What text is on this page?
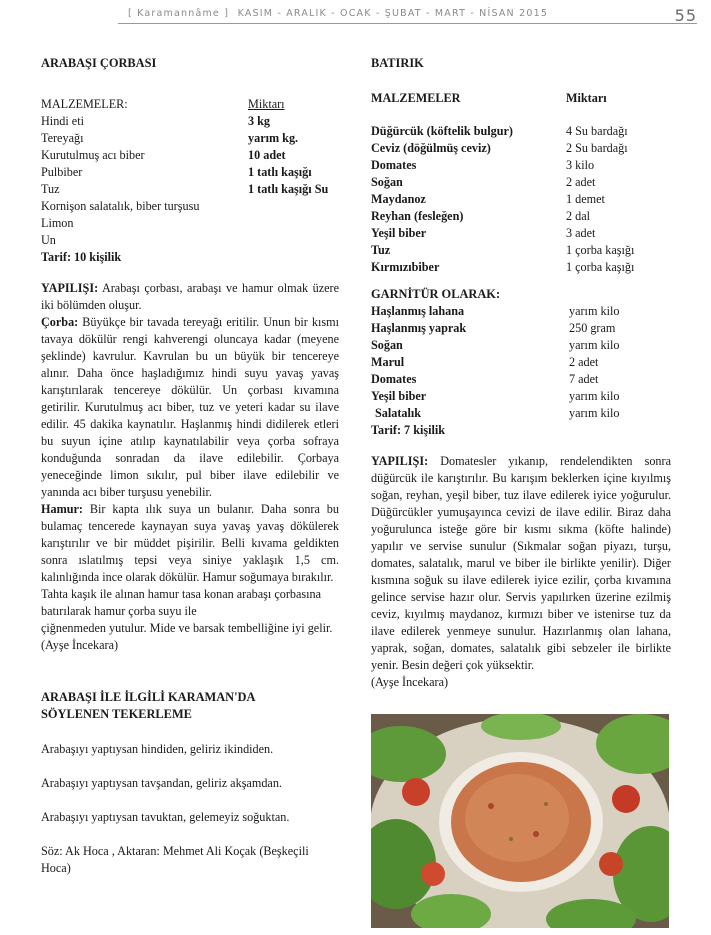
[ Karamannâme ] KASIM - ARALIK - OCAK - ŞUBAT - MART - NİSAN 2015	55
ARABAŞI ÇORBASI
MALZEMELER:	Miktarı
Hindi eti	3 kg
Tereyağı	yarım kg.
Kurutulmuş acı biber	10 adet
Pulbiber	1 tatlı kaşığı
Tuz	1 tatlı kaşığı Su
Kornişon salatalık, biber turşusu
Limon
Un
Tarif: 10 kişilik

YAPILIŞI: Arabaşı çorbası, arabaşı ve hamur olmak üzere iki bölümden oluşur.

Çorba: Büyükçe bir tavada tereyağı eritilir. Unun bir kısmı tavaya dökülür rengi kahverengi oluncaya kadar (meyene şeklinde) kavrulur. Kavrulan bu un büyük bir tencereye alınır. Daha önce haşladığımız hindi suyu yavaş yavaş karıştırılarak tencereye dökülür. Un çorbası kıvamına getirilir. Kurutulmuş acı biber, tuz ve yeteri kadar su ilave edilir. 45 dakika kaynatılır. Haşlanmış hindi didilerek etleri bu suyun içine atılıp kaynatılabilir veya çorba sofraya konduğunda sonradan da ilave edilebilir. Çorbaya yeneceğinde limon sıkılır, pul biber ilave edilebilir ve yanında acı biber turşusu yenebilir.

Hamur: Bir kapta ılık suya un bulanır. Daha sonra bu bulamaç tencerede kaynayan suya yavaş yavaş dökülerek karıştırılır ve bir müddet pişirilir. Belli kıvama geldikten sonra ıslatılmış tepsi veya siniye yaklaşık 1,5 cm. kalınlığında ince olarak dökülür. Hamur soğumaya bırakılır.

Tahta kaşık ile alınan hamur tasa konan arabaşı çorbasına batırılarak hamur çorba suyu ile

çiğnenmeden yutulur. Mide ve barsak tembelliğine iyi gelir.

(Ayşe İncekara)

ARABAŞI İLE İLGİLİ KARAMAN'DA
SÖYLENEN TEKERLEME
Arabaşıyı yaptıysan hindiden, geliriz ikindiden.
Arabaşıyı yaptıysan tavşandan, geliriz akşamdan.
Arabaşıyı yaptıysan tavuktan, gelemeyiz soğuktan.
Söz: Ak Hoca , Aktaran: Mehmet Ali Koçak (Beşkeçili Hoca)
BATIRIK
MALZEMELER	Miktarı
Düğürcük (köftelik bulgur)	4 Su bardağı
Ceviz (döğülmüş ceviz)	2 Su bardağı
Domates	3 kilo
Soğan	2 adet
Maydanoz	1 demet
Reyhan (fesleğen)	2 dal
Yeşil biber	3 adet
Tuz	1 çorba kaşığı
Kırmızıbiber	1 çorba kaşığı
GARNİTÜR OLARAK:
Haşlanmış lahana	yarım kilo
Haşlanmış yaprak	250 gram
Soğan	yarım kilo
Marul	2 adet
Domates	7 adet
Yeşil biber	yarım kilo
Salatalık	yarım kilo
Tarif: 7 kişilik

YAPILIŞI: Domatesler yıkanıp, rendelendikten sonra düğürcük ile karıştırılır. Bu karışım beklerken içine kıyılmış soğan, reyhan, yeşil biber, tuz ilave edilerek iyice yoğurulur. Düğürcükler yumuşayınca cevizi de ilave edilir. Biraz daha yoğurulunca isteğe göre bir kısmı sıkma (köfte halinde) yapılır ve servise sunulur (Sıkmalar soğan piyazı, turşu, domates, salatalık, marul ve biber ile birlikte yenilir). Diğer kısmına soğuk su ilave edilerek iyice ezilir, çorba kıvamına gelince servise hazır olur. Servis yapılırken üzerine ezilmiş ceviz, kıyılmış maydanoz, kırmızı biber ve istenirse tuz da ilave edilerek yenmeye sunulur. Hazırlanmış olan lahana, yaprak, soğan, domates, salatalık gibi sebzeler ile birlikte yenir. Besin değeri çok yüksektir.

(Ayşe İncekara)
